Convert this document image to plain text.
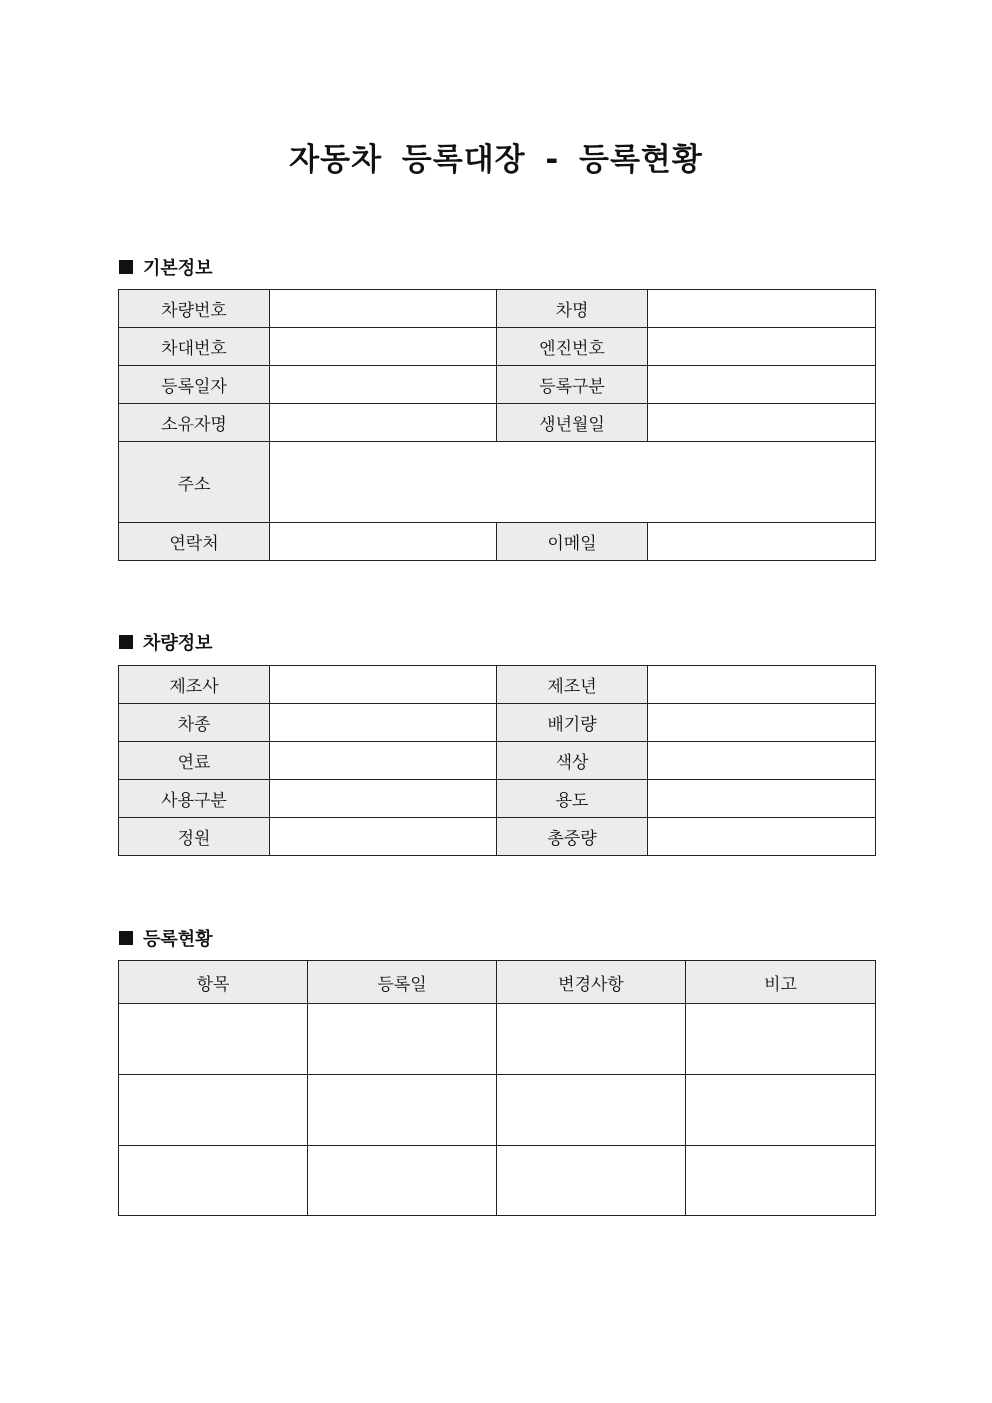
자동차 등록대장 - 등록현황
기본정보
차량번호		차명	
차대번호		엔진번호	
등록일자		등록구분	
소유자명		생년월일	
주소			
연락처		이메일	
차량정보
제조사		제조년	
차종		배기량	
연료		색상	
사용구분		용도	
정원		총중량	
등록현황
항목	등록일	변경사항	비고
